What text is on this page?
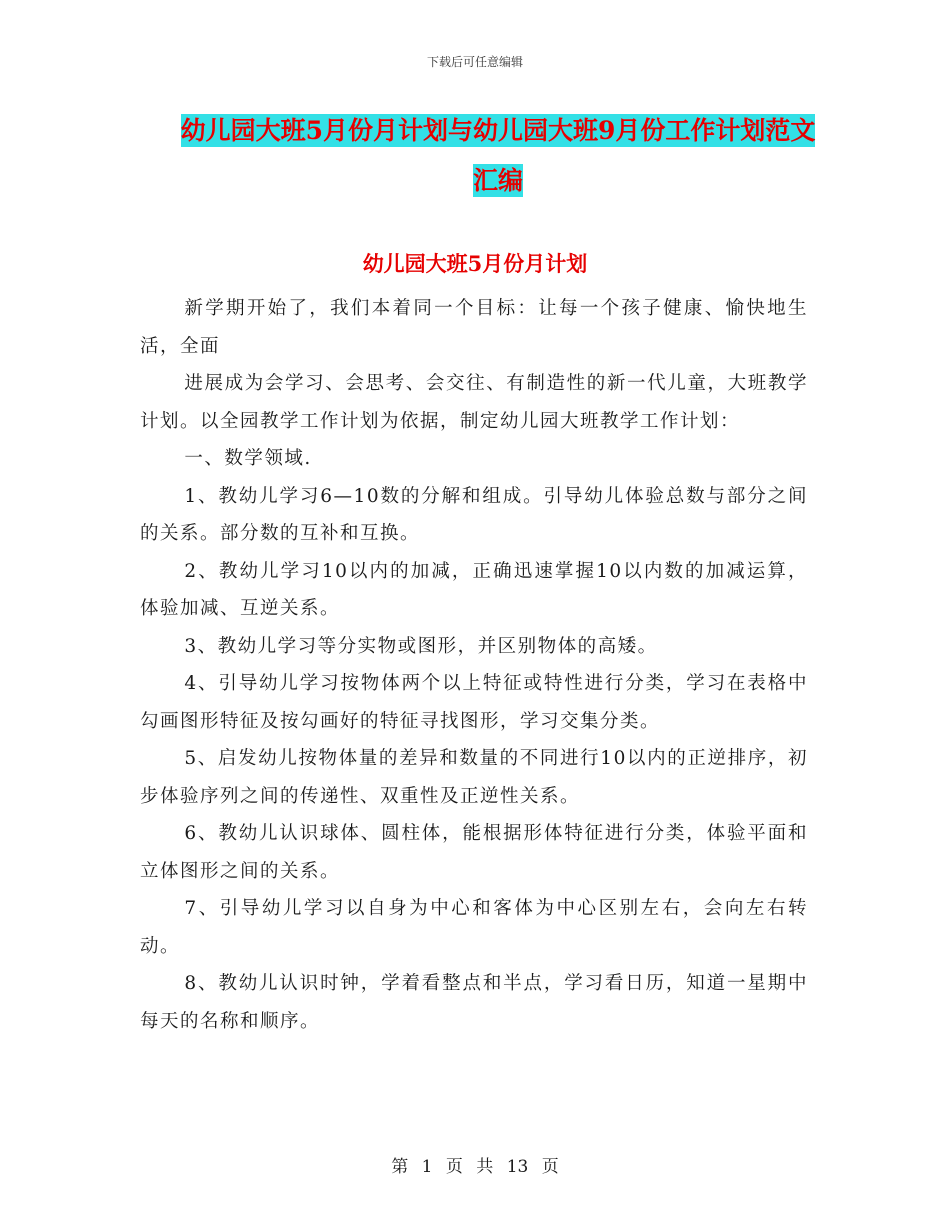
下载后可任意编辑
幼儿园大班5月份月计划与幼儿园大班9月份工作计划范文汇编
幼儿园大班5月份月计划

新学期开始了，我们本着同一个目标：让每一个孩子健康、愉快地生活，全面

进展成为会学习、会思考、会交往、有制造性的新一代儿童，大班教学计划。以全园教学工作计划为依据，制定幼儿园大班教学工作计划：

一、数学领域.

1、教幼儿学习6—10数的分解和组成。引导幼儿体验总数与部分之间的关系。部分数的互补和互换。

2、教幼儿学习10以内的加减，正确迅速掌握10以内数的加减运算，体验加减、互逆关系。

3、教幼儿学习等分实物或图形，并区别物体的高矮。

4、引导幼儿学习按物体两个以上特征或特性进行分类，学习在表格中勾画图形特征及按勾画好的特征寻找图形，学习交集分类。

5、启发幼儿按物体量的差异和数量的不同进行10以内的正逆排序，初步体验序列之间的传递性、双重性及正逆性关系。

6、教幼儿认识球体、圆柱体，能根据形体特征进行分类，体验平面和立体图形之间的关系。

7、引导幼儿学习以自身为中心和客体为中心区别左右，会向左右转动。

8、教幼儿认识时钟，学着看整点和半点，学习看日历，知道一星期中每天的名称和顺序。

第 1 页 共 13 页
